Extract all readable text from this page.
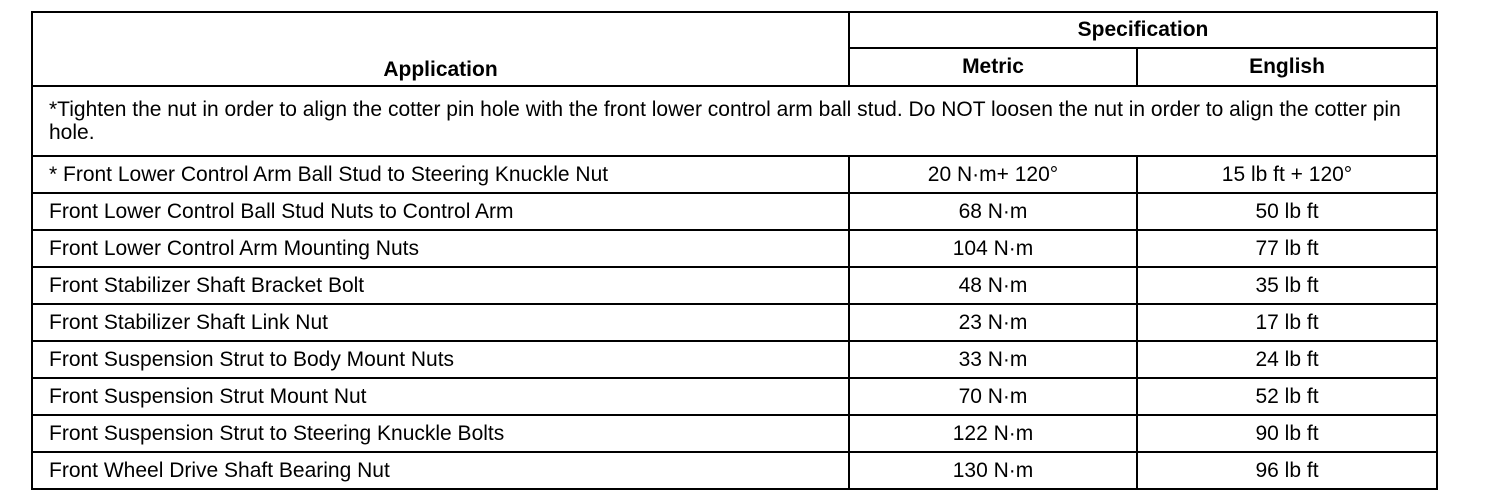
Application	Specification	
	Metric	English
*Tighten the nut in order to align the cotter pin hole with the front lower control arm ball stud. Do NOT loosen the nut in order to align the cotter pin hole.		
* Front Lower Control Arm Ball Stud to Steering Knuckle Nut	20 N·m+ 120°	15 lb ft + 120°
Front Lower Control Ball Stud Nuts to Control Arm	68 N·m	50 lb ft
Front Lower Control Arm Mounting Nuts	104 N·m	77 lb ft
Front Stabilizer Shaft Bracket Bolt	48 N·m	35 lb ft
Front Stabilizer Shaft Link Nut	23 N·m	17 lb ft
Front Suspension Strut to Body Mount Nuts	33 N·m	24 lb ft
Front Suspension Strut Mount Nut	70 N·m	52 lb ft
Front Suspension Strut to Steering Knuckle Bolts	122 N·m	90 lb ft
Front Wheel Drive Shaft Bearing Nut	130 N·m	96 lb ft
